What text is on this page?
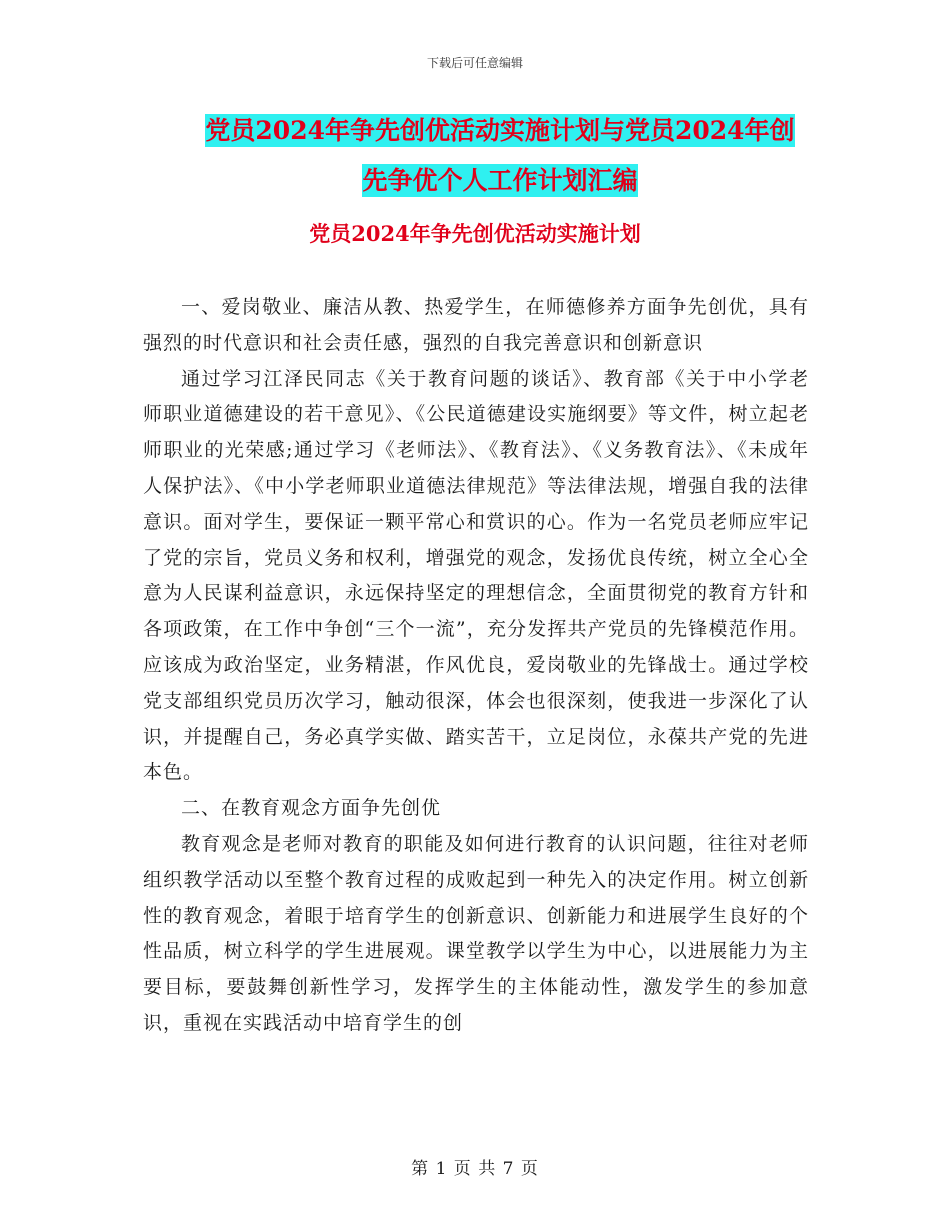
下载后可任意编辑
党员2024年争先创优活动实施计划与党员2024年创
先争优个人工作计划汇编
党员2024年争先创优活动实施计划

一、爱岗敬业、廉洁从教、热爱学生，在师德修养方面争先创优，具有强烈的时代意识和社会责任感，强烈的自我完善意识和创新意识

通过学习江泽民同志《关于教育问题的谈话》、教育部《关于中小学老师职业道德建设的若干意见》、《公民道德建设实施纲要》等文件，树立起老师职业的光荣感;通过学习《老师法》、《教育法》、《义务教育法》、《未成年人保护法》、《中小学老师职业道德法律规范》等法律法规，增强自我的法律意识。面对学生，要保证一颗平常心和赏识的心。作为一名党员老师应牢记了党的宗旨，党员义务和权利，增强党的观念，发扬优良传统，树立全心全意为人民谋利益意识，永远保持坚定的理想信念，全面贯彻党的教育方针和各项政策，在工作中争创“三个一流”，充分发挥共产党员的先锋模范作用。应该成为政治坚定，业务精湛，作风优良，爱岗敬业的先锋战士。通过学校党支部组织党员历次学习，触动很深，体会也很深刻，使我进一步深化了认识，并提醒自己，务必真学实做、踏实苦干，立足岗位，永葆共产党的先进本色。

二、在教育观念方面争先创优

教育观念是老师对教育的职能及如何进行教育的认识问题，往往对老师组织教学活动以至整个教育过程的成败起到一种先入的决定作用。树立创新性的教育观念，着眼于培育学生的创新意识、创新能力和进展学生良好的个性品质，树立科学的学生进展观。课堂教学以学生为中心，以进展能力为主要目标，要鼓舞创新性学习，发挥学生的主体能动性，激发学生的参加意识，重视在实践活动中培育学生的创

第 1 页 共 7 页
